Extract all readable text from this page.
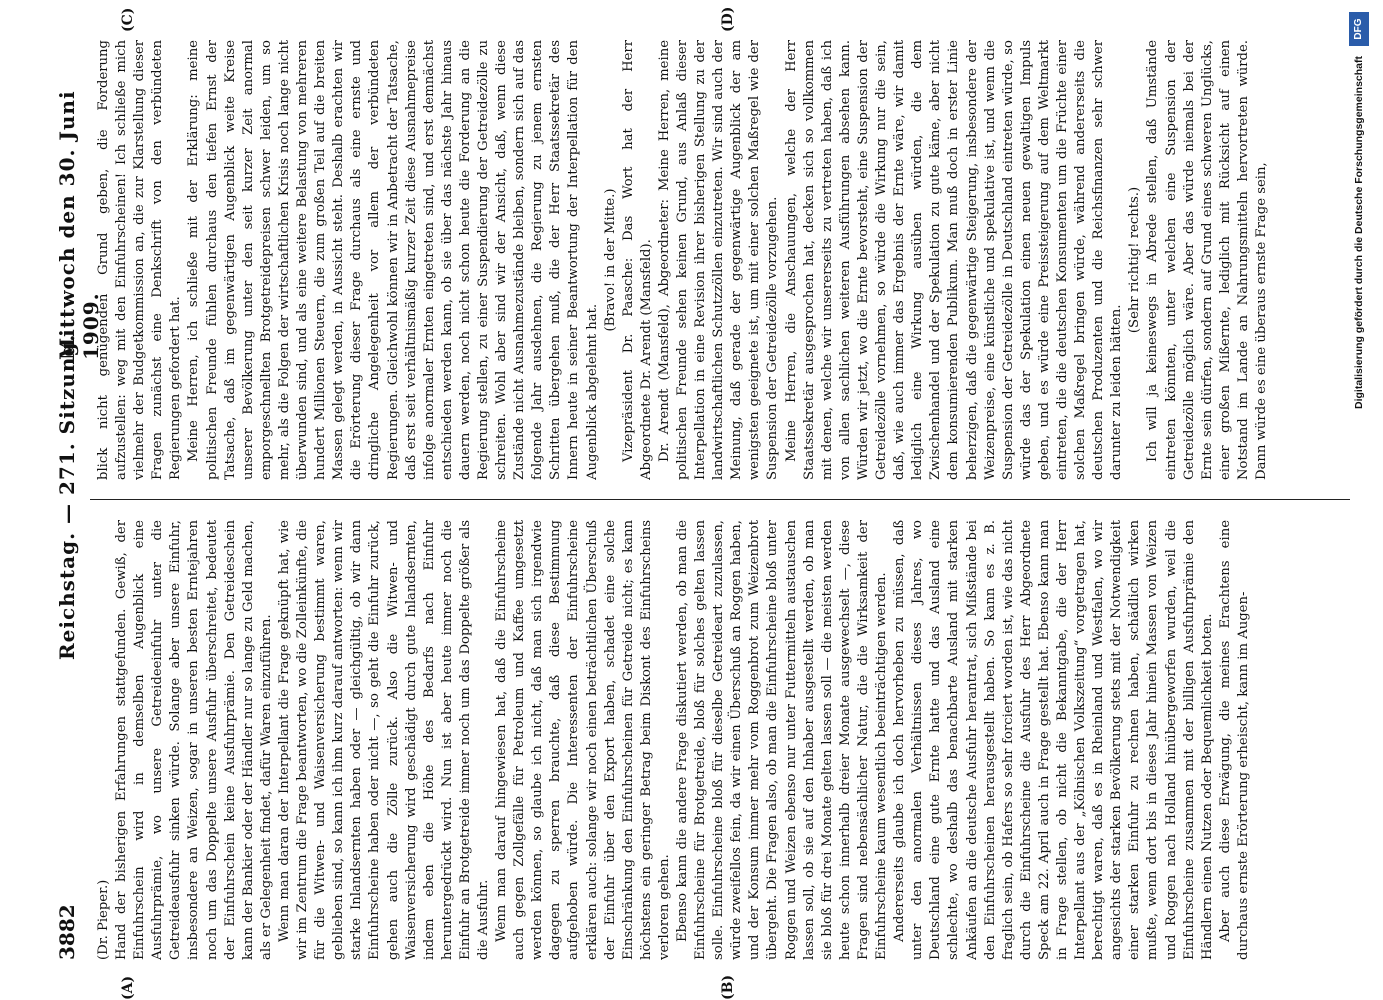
3882
Reichstag. — 271. Sitzung.
Mittwoch den 30. Juni 1909.
(A)	(B)
(C)	(D)

(Dr. Pieper.) Hand der bisherigen Erfahrungen stattgefunden. Gewiß, der Einfuhrschein wird in demselben Augenblick eine Ausfuhrprämie, wo unsere Getreideeinfuhr unter die Getreideausfuhr sinken würde. Solange aber unsere Einfuhr, insbesondere an Weizen, sogar in unseren besten Erntejahren noch um das Doppelte unsere Ausfuhr überschreitet, bedeutet der Einfuhrschein keine Ausfuhrprämie. Den Getreideschein kann der Bankier oder der Händler nur so lange zu Geld machen, als er Gelegenheit findet, dafür Waren einzuführen. Wenn man daran der Interpellant die Frage geknüpft hat, wie wir im Zentrum die Frage beantworten, wo die Zolleinkünfte, die für die Witwen- und Waisenversicherung bestimmt waren, geblieben sind, so kann ich ihm kurz darauf antworten: wenn wir starke Inlandsernten haben oder — gleichgültig, ob wir dann Einfuhrscheine haben oder nicht —, so geht die Einfuhr zurück, gehen auch die Zölle zurück. Also die Witwen- und Waisenversicherung wird geschädigt durch gute Inlandsernten, indem eben die Höhe des Bedarfs nach Einfuhr heruntergedrückt wird. Nun ist aber heute immer noch die Einfuhr an Brotgetreide immer noch um das Doppelte größer als die Ausfuhr. Wenn man darauf hingewiesen hat, daß die Einfuhrscheine auch gegen Zollgefälle für Petroleum und Kaffee umgesetzt werden können, so glaube ich nicht, daß man sich irgendwie dagegen zu sperren brauchte, daß diese Bestimmung aufgehoben würde. Die Interessenten der Einfuhrscheine erklären auch: solange wir noch einen beträchtlichen Überschuß der Einfuhr über den Export haben, schadet eine solche Einschränkung den Einfuhrscheinen für Getreide nicht; es kann höchstens ein geringer Betrag beim Diskont des Einfuhrscheins verloren gehen. Ebenso kann die andere Frage diskutiert werden, ob man die Einfuhrscheine für Brotgetreide, bloß für solches gelten lassen solle. Einfuhrscheine bloß für dieselbe Getreideart zuzulassen, würde zweifellos fein, da wir einen Überschuß an Roggen haben, und der Konsum immer mehr vom Roggenbrot zum Weizenbrot übergeht. Die Fragen also, ob man die Einfuhrscheine bloß unter Roggen und Weizen ebenso nur unter Futtermitteln austauschen lassen soll, ob sie auf den Inhaber ausgestellt werden, ob man sie bloß für drei Monate gelten lassen soll — die meisten werden heute schon innerhalb dreier Monate ausgewechselt —, diese Fragen sind nebensächlicher Natur, die die Wirksamkeit der Einfuhrscheine kaum wesentlich beeinträchtigen werden. Andererseits glaube ich doch hervorheben zu müssen, daß unter den anormalen Verhältnissen dieses Jahres, wo Deutschland eine gute Ernte hatte und das Ausland eine schlechte, wo deshalb das benachbarte Ausland mit starken Ankäufen an die deutsche Ausfuhr herantrat, sich Mißstände bei den Einfuhrscheinen herausgestellt haben. So kann es z. B. fraglich sein, ob Hafers so sehr forciert worden ist, wie das nicht durch die Einfuhrscheine die Ausfuhr des Herr Abgeordnete Speck am 22. April auch in Frage gestellt hat. Ebenso kann man in Frage stellen, ob nicht die Bekanntgabe, die der Herr Interpellant aus der „Kölnischen Volkszeitung“ vorgetragen hat, berechtigt waren, daß es in Rheinland und Westfalen, wo wir angesichts der starken Bevölkerung stets mit der Notwendigkeit einer starken Einfuhr zu rechnen haben, schädlich wirken mußte, wenn dort bis in dieses Jahr hinein Massen von Weizen und Roggen nach Holland hinübergeworfen wurden, weil die Einfuhrscheine zusammen mit der billigen Ausfuhrprämie den Händlern einen Nutzen oder Bequemlichkeit boten. Aber auch diese Erwägung, die meines Erachtens eine durchaus ernste Erörterung erheischt, kann im Augen-

blick nicht genügenden Grund geben, die Forderung aufzustellen: weg mit den Einfuhrscheinen! Ich schließe mich vielmehr der Budgetkommission an, die zur Klarstellung dieser Fragen zunächst eine Denkschrift von den verbündeten Regierungen gefordert hat. Meine Herren, ich schließe mit der Erklärung: meine politischen Freunde fühlen durchaus den tiefen Ernst der Tatsache, daß im gegenwärtigen Augenblick weite Kreise unserer Bevölkerung unter den seit kurzer Zeit anormal emporgeschnellten Brotgetreidepreisen schwer leiden, um so mehr, als die Folgen der wirtschaftlichen Krisis noch lange nicht überwunden sind, und als eine weitere Belastung von mehreren hundert Millionen Steuern, die zum großen Teil auf die breiten Massen gelegt werden, in Aussicht steht. Deshalb erachten wir die Erörterung dieser Frage durchaus als eine ernste und dringliche Angelegenheit vor allem der verbündeten Regierungen. Gleichwohl können wir in Anbetracht der Tatsache, daß erst seit verhältnismäßig kurzer Zeit diese Ausnahmepreise infolge anormaler Ernten eingetreten sind, und erst demnächst entschieden werden kann, ob sie über das nächste Jahr hinaus dauern werden, noch nicht schon heute die Forderung an die Regierung stellen, zu einer Suspendierung der Getreidezölle zu schreiten. Wohl aber sind wir der Ansicht, daß, wenn diese Zustände nicht Ausnahmezustände bleiben, sondern sich auf das folgende Jahr ausdehnen, die Regierung zu jenem ernsten Schritten übergehen muß, die der Herr Staatssekretär des Innern heute in seiner Beantwortung der Interpellation für den Augenblick abgelehnt hat.

(Bravo! in der Mitte.) Vizepräsident Dr. Paasche: Das Wort hat der Herr Abgeordnete Dr. Arendt (Mansfeld). Dr. Arendt (Mansfeld), Abgeordneter: Meine Herren, meine politischen Freunde sehen keinen Grund, aus Anlaß dieser Interpellation in eine Revision ihrer bisherigen Stellung zu der landwirtschaftlichen Schutzzöllen einzutreten. Wir sind auch der Meinung, daß gerade der gegenwärtige Augenblick der am wenigsten geeignete ist, um mit einer solchen Maßregel wie der Suspension der Getreidezölle vorzugehen. Meine Herren, die Anschauungen, welche der Herr Staatssekretär ausgesprochen hat, decken sich so vollkommen mit denen, welche wir unsererseits zu vertreten haben, daß ich von allen sachlichen weiteren Ausführungen absehen kann. Würden wir jetzt, wo die Ernte bevorsteht, eine Suspension der Getreidezölle vornehmen, so würde die Wirkung nur die sein, daß, wie auch immer das Ergebnis der Ernte wäre, wir damit lediglich eine Wirkung ausüben würden, die dem Zwischenhandel und der Spekulation zu gute käme, aber nicht dem konsumierenden Publikum. Man muß doch in erster Linie beherzigen, daß die gegenwärtige Steigerung, insbesondere der Weizenpreise, eine künstliche und spekulative ist, und wenn die Suspension der Getreidezölle in Deutschland eintreten würde, so würde das der Spekulation einen neuen gewaltigen Impuls geben, und es würde eine Preissteigerung auf dem Weltmarkt eintreten, die die deutschen Konsumenten um die Früchte einer solchen Maßregel bringen würde, während andererseits die deutschen Produzenten und die Reichsfinanzen sehr schwer darunter zu leiden hätten.

(Sehr richtig! rechts.) Ich will ja keineswegs in Abrede stellen, daß Umstände eintreten könnten, unter welchen eine Suspension der Getreidezölle möglich wäre. Aber das würde niemals bei der Ernte sein dürfen, sondern auf Grund eines schweren Unglücks, einer großen Mißernte, lediglich mit Rücksicht auf einen Notstand im Lande an Nahrungsmitteln hervortreten würde. Dann würde es eine überaus ernste Frage sein,	Digitalisierung gefördert durch die Deutsche Forschungsgemeinschaft
DFG
